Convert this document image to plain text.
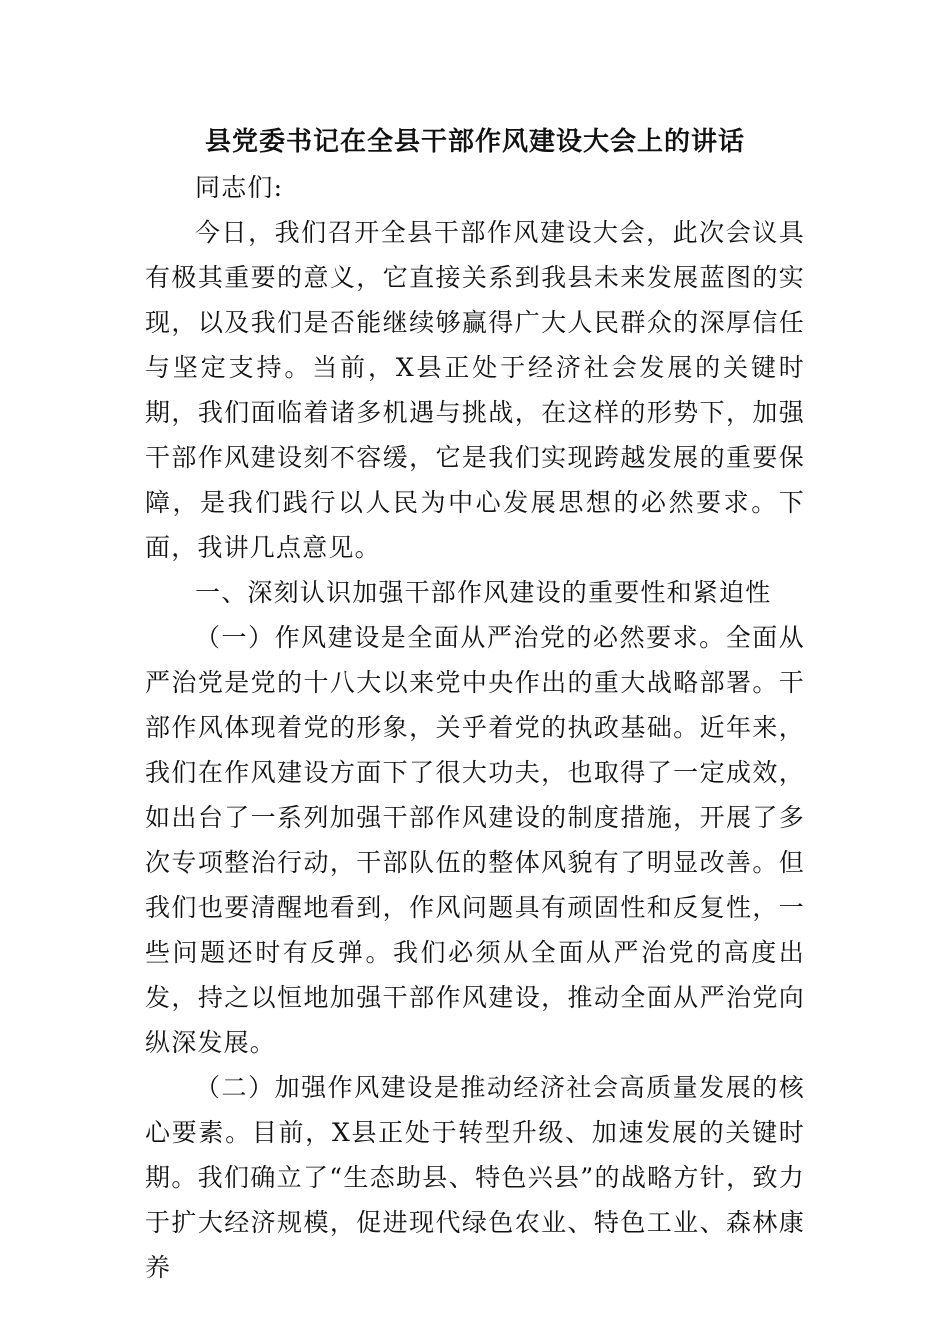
县党委书记在全县干部作风建设大会上的讲话

同志们:

今日，我们召开全县干部作风建设大会，此次会议具有极其重要的意义，它直接关系到我县未来发展蓝图的实现，以及我们是否能继续够赢得广大人民群众的深厚信任与坚定支持。当前，X县正处于经济社会发展的关键时期，我们面临着诸多机遇与挑战，在这样的形势下，加强干部作风建设刻不容缓，它是我们实现跨越发展的重要保障，是我们践行以人民为中心发展思想的必然要求。下面，我讲几点意见。

一、深刻认识加强干部作风建设的重要性和紧迫性

（一）作风建设是全面从严治党的必然要求。全面从严治党是党的十八大以来党中央作出的重大战略部署。干部作风体现着党的形象，关乎着党的执政基础。近年来，我们在作风建设方面下了很大功夫，也取得了一定成效，如出台了一系列加强干部作风建设的制度措施，开展了多次专项整治行动，干部队伍的整体风貌有了明显改善。但我们也要清醒地看到，作风问题具有顽固性和反复性，一些问题还时有反弹。我们必须从全面从严治党的高度出发，持之以恒地加强干部作风建设，推动全面从严治党向纵深发展。

（二）加强作风建设是推动经济社会高质量发展的核心要素。目前，X县正处于转型升级、加速发展的关键时期。我们确立了“生态助县、特色兴县”的战略方针，致力于扩大经济规模，促进现代绿色农业、特色工业、森林康养
